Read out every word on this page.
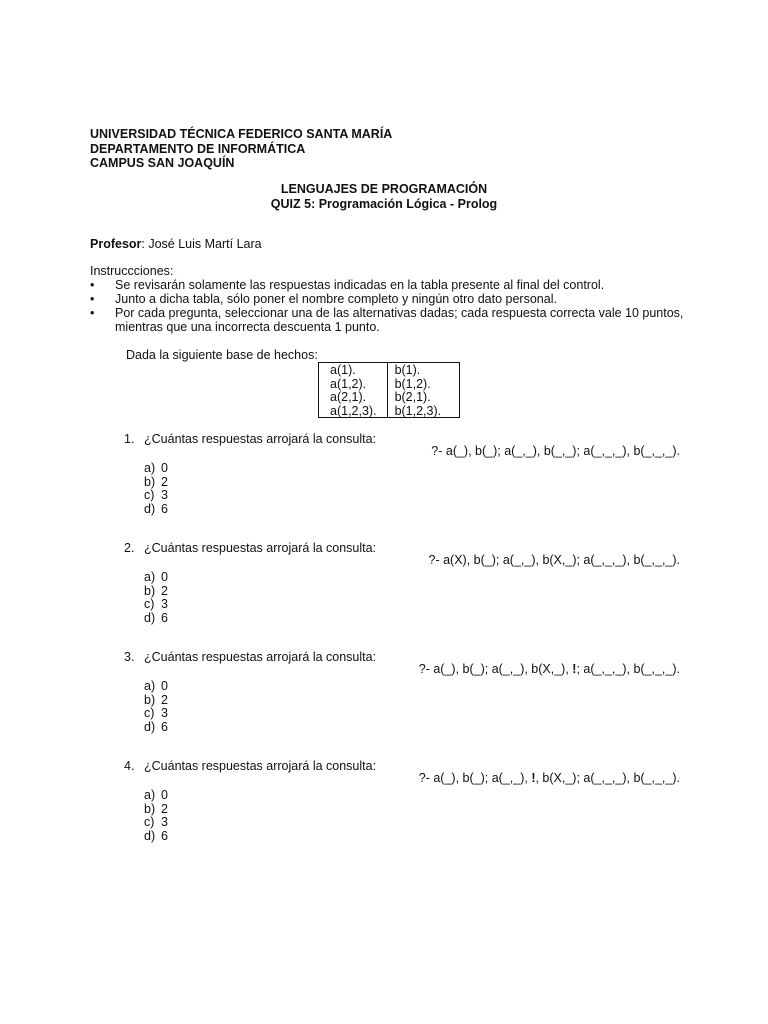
UNIVERSIDAD TÉCNICA FEDERICO SANTA MARÍA
DEPARTAMENTO DE INFORMÁTICA
CAMPUS SAN JOAQUÍN
LENGUAJES DE PROGRAMACIÓN
QUIZ 5: Programación Lógica - Prolog
Profesor: José Luis Martí Lara
Instruccciones:
• Se revisarán solamente las respuestas indicadas en la tabla presente al final del control.
• Junto a dicha tabla, sólo poner el nombre completo y ningún otro dato personal.
• Por cada pregunta, seleccionar una de las alternativas dadas; cada respuesta correcta vale 10 puntos, mientras que una incorrecta descuenta 1 punto.
Dada la siguiente base de hechos:
a(1).
a(1,2).
a(2,1).
a(1,2,3).

b(1).
b(1,2).
b(2,1).
b(1,2,3).
1. ¿Cuántas respuestas arrojará la consulta:
?- a(_), b(_); a(_,_), b(_,_); a(_,_,_), b(_,_,_).
a) 0
b) 2
c) 3
d) 6
2. ¿Cuántas respuestas arrojará la consulta:
?- a(X), b(_); a(_,_), b(X,_); a(_,_,_), b(_,_,_).
a) 0
b) 2
c) 3
d) 6
3. ¿Cuántas respuestas arrojará la consulta:
?- a(_), b(_); a(_,_), b(X,_), !; a(_,_,_), b(_,_,_).
a) 0
b) 2
c) 3
d) 6
4. ¿Cuántas respuestas arrojará la consulta:
?- a(_), b(_); a(_,_), !, b(X,_); a(_,_,_), b(_,_,_).
a) 0
b) 2
c) 3
d) 6
